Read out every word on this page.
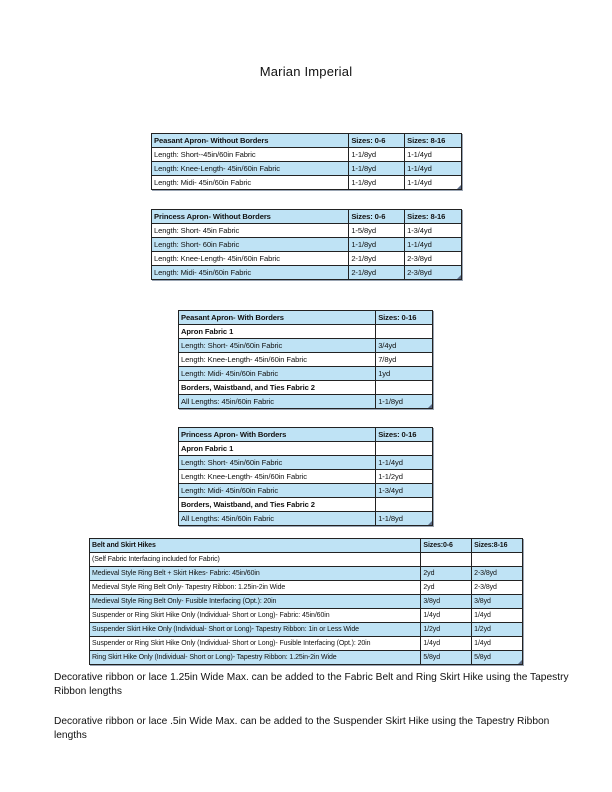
Marian Imperial
Peasant Apron- Without Borders	Sizes: 0-6	Sizes: 8-16
Length: Short--45in/60in Fabric	1-1/8yd	1-1/4yd
Length: Knee-Length- 45in/60in Fabric	1-1/8yd	1-1/4yd
Length: Midi- 45in/60in Fabric	1-1/8yd	1-1/4yd
Princess Apron- Without Borders	Sizes: 0-6	Sizes: 8-16
Length: Short- 45in Fabric	1-5/8yd	1-3/4yd
Length: Short- 60in Fabric	1-1/8yd	1-1/4yd
Length: Knee-Length- 45in/60in Fabric	2-1/8yd	2-3/8yd
Length: Midi- 45in/60in Fabric	2-1/8yd	2-3/8yd
Peasant Apron- With Borders	Sizes: 0-16
Apron Fabric 1	
Length: Short- 45in/60in Fabric	3/4yd
Length: Knee-Length- 45in/60in Fabric	7/8yd
Length: Midi- 45in/60in Fabric	1yd
Borders, Waistband, and Ties Fabric 2	
All Lengths: 45in/60in Fabric	1-1/8yd
Princess Apron- With Borders	Sizes: 0-16
Apron Fabric 1	
Length: Short- 45in/60in Fabric	1-1/4yd
Length: Knee-Length- 45in/60in Fabric	1-1/2yd
Length: Midi- 45in/60in Fabric	1-3/4yd
Borders, Waistband, and Ties Fabric 2	
All Lengths: 45in/60in Fabric	1-1/8yd
Belt and Skirt Hikes	Sizes:0-6	Sizes:8-16
(Self Fabric Interfacing included for Fabric)		
Medieval Style Ring Belt + Skirt Hikes- Fabric: 45in/60in	2yd	2-3/8yd
Medieval Style Ring Belt Only- Tapestry Ribbon: 1.25in-2in Wide	2yd	2-3/8yd
Medieval Style Ring Belt Only- Fusible Interfacing (Opt.): 20in	3/8yd	3/8yd
Suspender or Ring Skirt Hike Only (Individual- Short or Long)- Fabric: 45in/60in	1/4yd	1/4yd
Suspender Skirt Hike Only (Individual- Short or Long)- Tapestry Ribbon: 1in or Less Wide	1/2yd	1/2yd
Suspender or Ring Skirt Hike Only (Individual- Short or Long)- Fusible Interfacing (Opt.): 20in	1/4yd	1/4yd
Ring Skirt Hike Only (Individual- Short or Long)- Tapestry Ribbon: 1.25in-2in Wide	5/8yd	5/8yd
Decorative ribbon or lace 1.25in Wide Max. can be added to the Fabric Belt and Ring Skirt Hike using the Tapestry Ribbon lengths
Decorative ribbon or lace .5in Wide Max. can be added to the Suspender Skirt Hike using the Tapestry Ribbon lengths
